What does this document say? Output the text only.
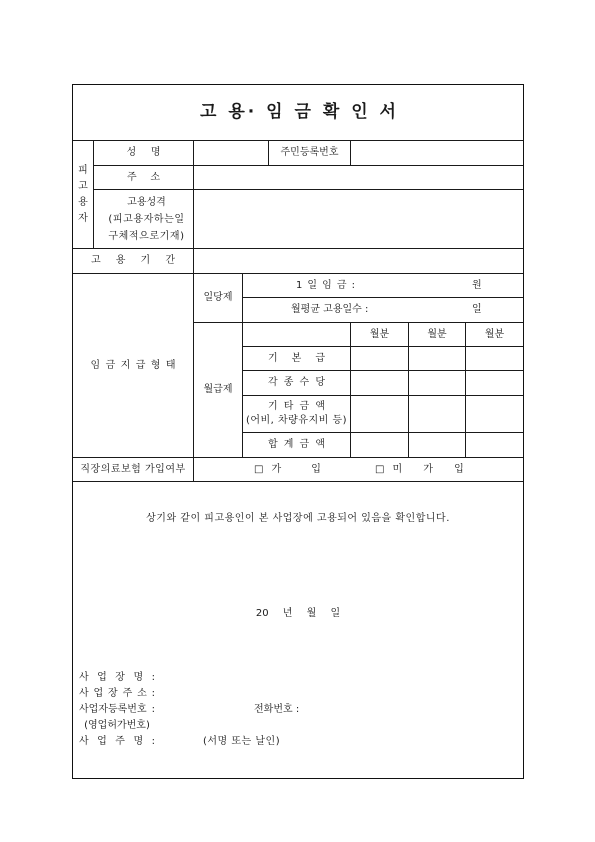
고 용· 임 금 확 인 서
피고용자
성 명	주민등록번호
주 소
고용성격
(피고용자하는일
구체적으로기재)
고 용 기 간
임 금 지 급 형 태
일당제
1 일 임 금 :	원
월평균 고용일수 :	일
월급제
월분	월분	월분
기 본 급
각 종 수 당
기 타 금 액
(어비, 차량유지비 등)
합 계 금 액
직장의료보험 가입여부	□ 가 입	□ 미 가 입
상기와 같이 피고용인이 본 사업장에 고용되어 있음을 확인합니다.
20 년 월 일
사 업 장 명 :
사 업 장 주 소 :
사업자등록번호 :	전화번호 :
(영업허가번호)
사 업 주 명 :	(서명 또는 날인)
